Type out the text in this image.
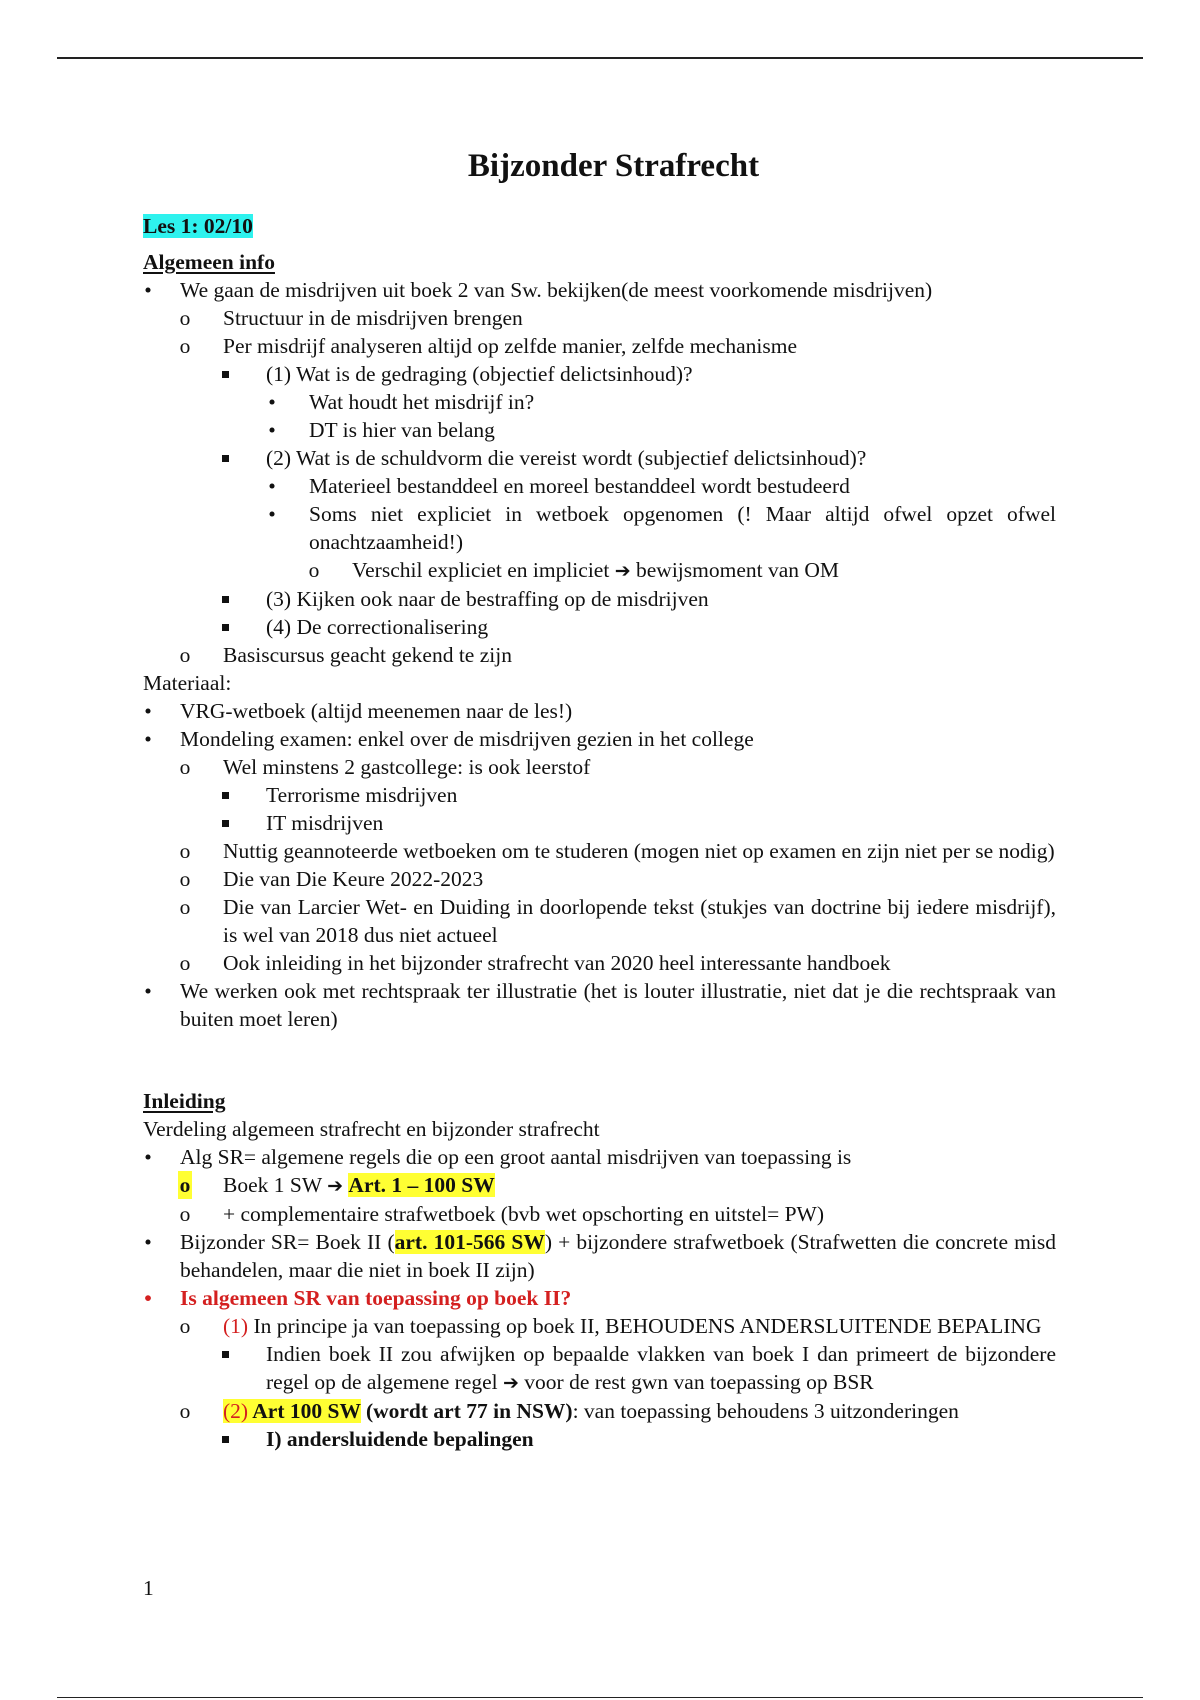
Bijzonder Strafrecht

Les 1: 02/10

Algemeen info

• We gaan de misdrijven uit boek 2 van Sw. bekijken(de meest voorkomende misdrijven)
o Structuur in de misdrijven brengen
o Per misdrijf analyseren altijd op zelfde manier, zelfde mechanisme
(1) Wat is de gedraging (objectief delictsinhoud)?
• Wat houdt het misdrijf in?
• DT is hier van belang
(2) Wat is de schuldvorm die vereist wordt (subjectief delictsinhoud)?
• Materieel bestanddeel en moreel bestanddeel wordt bestudeerd
• Soms niet expliciet in wetboek opgenomen (! Maar altijd ofwel opzet ofwel onachtzaamheid!)
o Verschil expliciet en impliciet ➔ bewijsmoment van OM
(3) Kijken ook naar de bestraffing op de misdrijven
(4) De correctionalisering
o Basiscursus geacht gekend te zijn

Materiaal:

• VRG-wetboek (altijd meenemen naar de les!)
• Mondeling examen: enkel over de misdrijven gezien in het college
o Wel minstens 2 gastcollege: is ook leerstof
Terrorisme misdrijven
IT misdrijven
o Nuttig geannoteerde wetboeken om te studeren (mogen niet op examen en zijn niet per se nodig)
o Die van Die Keure 2022-2023
o Die van Larcier Wet- en Duiding in doorlopende tekst (stukjes van doctrine bij iedere misdrijf), is wel van 2018 dus niet actueel
o Ook inleiding in het bijzonder strafrecht van 2020 heel interessante handboek
• We werken ook met rechtspraak ter illustratie (het is louter illustratie, niet dat je die rechtspraak van buiten moet leren)

Inleiding

Verdeling algemeen strafrecht en bijzonder strafrecht

• Alg SR= algemene regels die op een groot aantal misdrijven van toepassing is
o Boek 1 SW ➔ Art. 1 – 100 SW
o + complementaire strafwetboek (bvb wet opschorting en uitstel= PW)
• Bijzonder SR= Boek II (art. 101-566 SW) + bijzondere strafwetboek (Strafwetten die concrete misd behandelen, maar die niet in boek II zijn)
• Is algemeen SR van toepassing op boek II?
o (1) In principe ja van toepassing op boek II, BEHOUDENS ANDERSLUITENDE BEPALING
Indien boek II zou afwijken op bepaalde vlakken van boek I dan primeert de bijzondere regel op de algemene regel ➔ voor de rest gwn van toepassing op BSR
o (2) Art 100 SW (wordt art 77 in NSW): van toepassing behoudens 3 uitzonderingen
I) andersluidende bepalingen
1
